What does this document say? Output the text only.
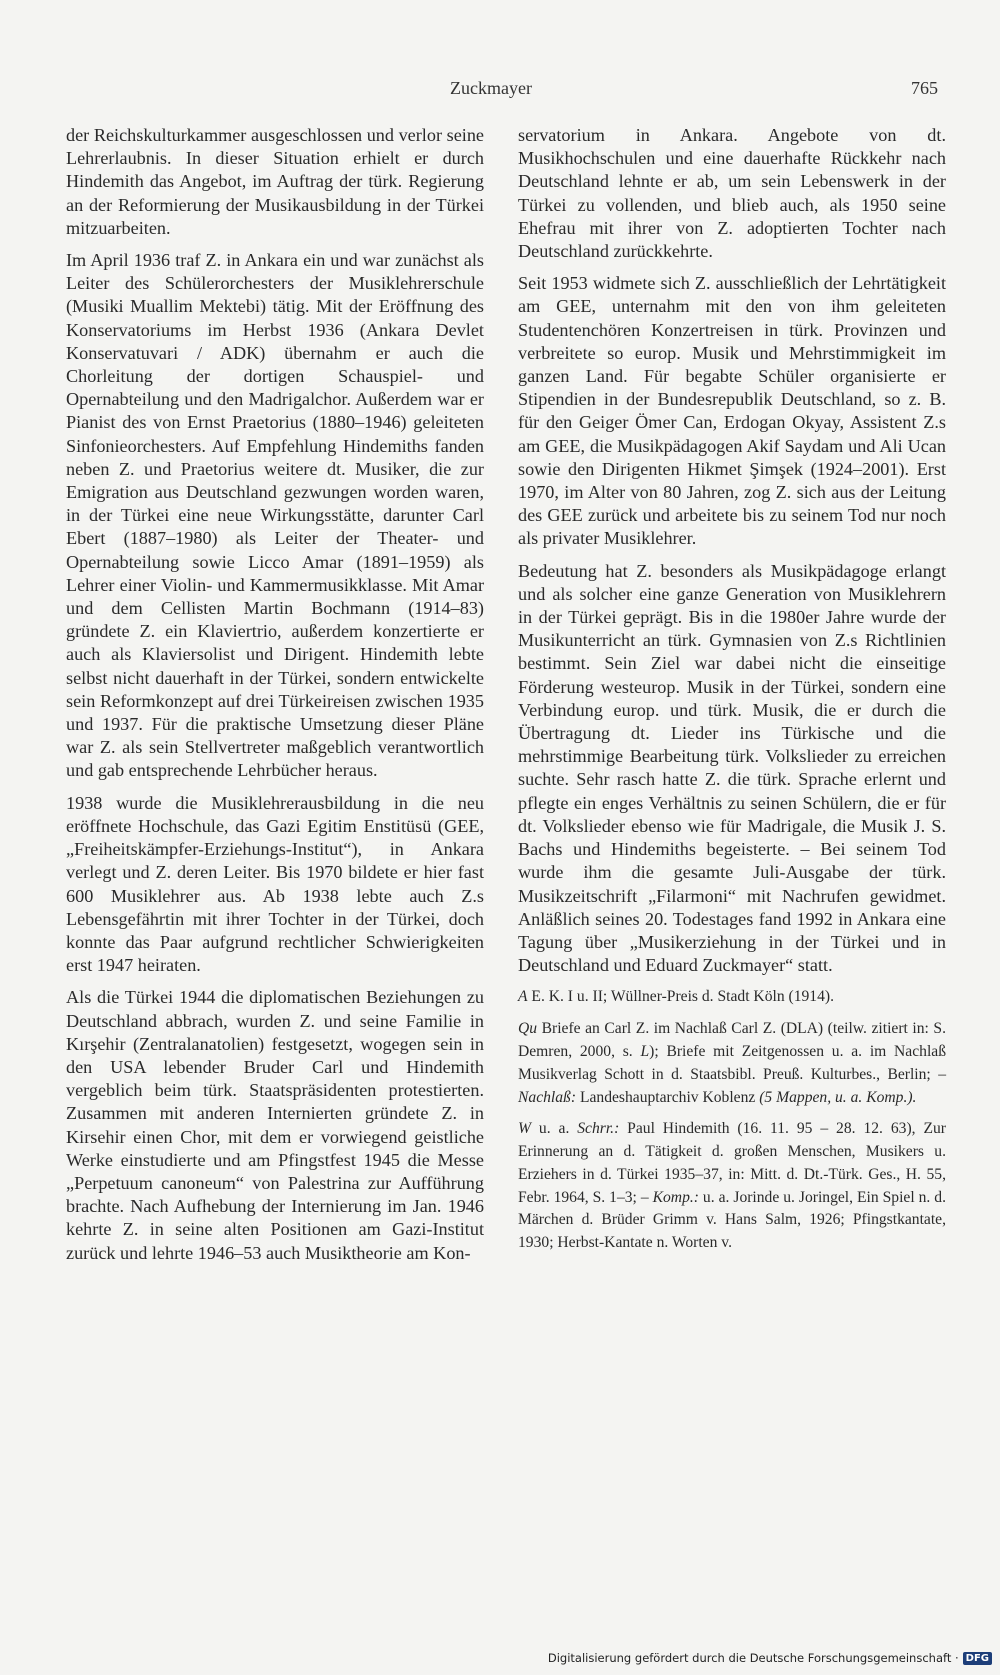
Zuckmayer	765

der Reichskulturkammer ausgeschlossen und verlor seine Lehrerlaubnis. In dieser Situation erhielt er durch Hindemith das Angebot, im Auftrag der türk. Regierung an der Reformierung der Musikausbildung in der Türkei mitzuarbeiten.

Im April 1936 traf Z. in Ankara ein und war zunächst als Leiter des Schülerorchesters der Musiklehrerschule (Musiki Muallim Mektebi) tätig. Mit der Eröffnung des Konservatoriums im Herbst 1936 (Ankara Devlet Konservatuvari / ADK) übernahm er auch die Chorleitung der dortigen Schauspiel- und Opernabteilung und den Madrigalchor. Außerdem war er Pianist des von Ernst Praetorius (1880–1946) geleiteten Sinfonieorchesters. Auf Empfehlung Hindemiths fanden neben Z. und Praetorius weitere dt. Musiker, die zur Emigration aus Deutschland gezwungen worden waren, in der Türkei eine neue Wirkungsstätte, darunter Carl Ebert (1887–1980) als Leiter der Theater- und Opernabteilung sowie Licco Amar (1891–1959) als Lehrer einer Violin- und Kammermusikklasse. Mit Amar und dem Cellisten Martin Bochmann (1914–83) gründete Z. ein Klaviertrio, außerdem konzertierte er auch als Klaviersolist und Dirigent. Hindemith lebte selbst nicht dauerhaft in der Türkei, sondern entwickelte sein Reformkonzept auf drei Türkeireisen zwischen 1935 und 1937. Für die praktische Umsetzung dieser Pläne war Z. als sein Stellvertreter maßgeblich verantwortlich und gab entsprechende Lehrbücher heraus.

1938 wurde die Musiklehrerausbildung in die neu eröffnete Hochschule, das Gazi Egitim Enstitüsü (GEE, „Freiheitskämpfer-Erziehungs-Institut“), in Ankara verlegt und Z. deren Leiter. Bis 1970 bildete er hier fast 600 Musiklehrer aus. Ab 1938 lebte auch Z.s Lebensgefährtin mit ihrer Tochter in der Türkei, doch konnte das Paar aufgrund rechtlicher Schwierigkeiten erst 1947 heiraten.

Als die Türkei 1944 die diplomatischen Beziehungen zu Deutschland abbrach, wurden Z. und seine Familie in Kırşehir (Zentralanatolien) festgesetzt, wogegen sein in den USA lebender Bruder Carl und Hindemith vergeblich beim türk. Staatspräsidenten protestierten. Zusammen mit anderen Internierten gründete Z. in Kirsehir einen Chor, mit dem er vorwiegend geistliche Werke einstudierte und am Pfingstfest 1945 die Messe „Perpetuum canoneum“ von Palestrina zur Aufführung brachte. Nach Aufhebung der Internierung im Jan. 1946 kehrte Z. in seine alten Positionen am Gazi-Institut zurück und lehrte 1946–53 auch Musiktheorie am Kon-

servatorium in Ankara. Angebote von dt. Musikhochschulen und eine dauerhafte Rückkehr nach Deutschland lehnte er ab, um sein Lebenswerk in der Türkei zu vollenden, und blieb auch, als 1950 seine Ehefrau mit ihrer von Z. adoptierten Tochter nach Deutschland zurückkehrte.

Seit 1953 widmete sich Z. ausschließlich der Lehrtätigkeit am GEE, unternahm mit den von ihm geleiteten Studentenchören Konzertreisen in türk. Provinzen und verbreitete so europ. Musik und Mehrstimmigkeit im ganzen Land. Für begabte Schüler organisierte er Stipendien in der Bundesrepublik Deutschland, so z. B. für den Geiger Ömer Can, Erdogan Okyay, Assistent Z.s am GEE, die Musikpädagogen Akif Saydam und Ali Ucan sowie den Dirigenten Hikmet Şimşek (1924–2001). Erst 1970, im Alter von 80 Jahren, zog Z. sich aus der Leitung des GEE zurück und arbeitete bis zu seinem Tod nur noch als privater Musiklehrer.

Bedeutung hat Z. besonders als Musikpädagoge erlangt und als solcher eine ganze Generation von Musiklehrern in der Türkei geprägt. Bis in die 1980er Jahre wurde der Musikunterricht an türk. Gymnasien von Z.s Richtlinien bestimmt. Sein Ziel war dabei nicht die einseitige Förderung westeurop. Musik in der Türkei, sondern eine Verbindung europ. und türk. Musik, die er durch die Übertragung dt. Lieder ins Türkische und die mehrstimmige Bearbeitung türk. Volkslieder zu erreichen suchte. Sehr rasch hatte Z. die türk. Sprache erlernt und pflegte ein enges Verhältnis zu seinen Schülern, die er für dt. Volkslieder ebenso wie für Madrigale, die Musik J. S. Bachs und Hindemiths begeisterte. – Bei seinem Tod wurde ihm die gesamte Juli-Ausgabe der türk. Musikzeitschrift „Filarmoni“ mit Nachrufen gewidmet. Anläßlich seines 20. Todestages fand 1992 in Ankara eine Tagung über „Musikerziehung in der Türkei und in Deutschland und Eduard Zuckmayer“ statt.

A E. K. I u. II; Wüllner-Preis d. Stadt Köln (1914).

Qu Briefe an Carl Z. im Nachlaß Carl Z. (DLA) (teilw. zitiert in: S. Demren, 2000, s. L); Briefe mit Zeitgenossen u. a. im Nachlaß Musikverlag Schott in d. Staatsbibl. Preuß. Kulturbes., Berlin; – Nachlaß: Landeshauptarchiv Koblenz (5 Mappen, u. a. Komp.).

W u. a. Schrr.: Paul Hindemith (16. 11. 95 – 28. 12. 63), Zur Erinnerung an d. Tätigkeit d. großen Menschen, Musikers u. Erziehers in d. Türkei 1935–37, in: Mitt. d. Dt.-Türk. Ges., H. 55, Febr. 1964, S. 1–3; – Komp.: u. a. Jorinde u. Joringel, Ein Spiel n. d. Märchen d. Brüder Grimm v. Hans Salm, 1926; Pfingstkantate, 1930; Herbst-Kantate n. Worten v.

Digitalisierung gefördert durch die Deutsche Forschungsgemeinschaft · DFG
